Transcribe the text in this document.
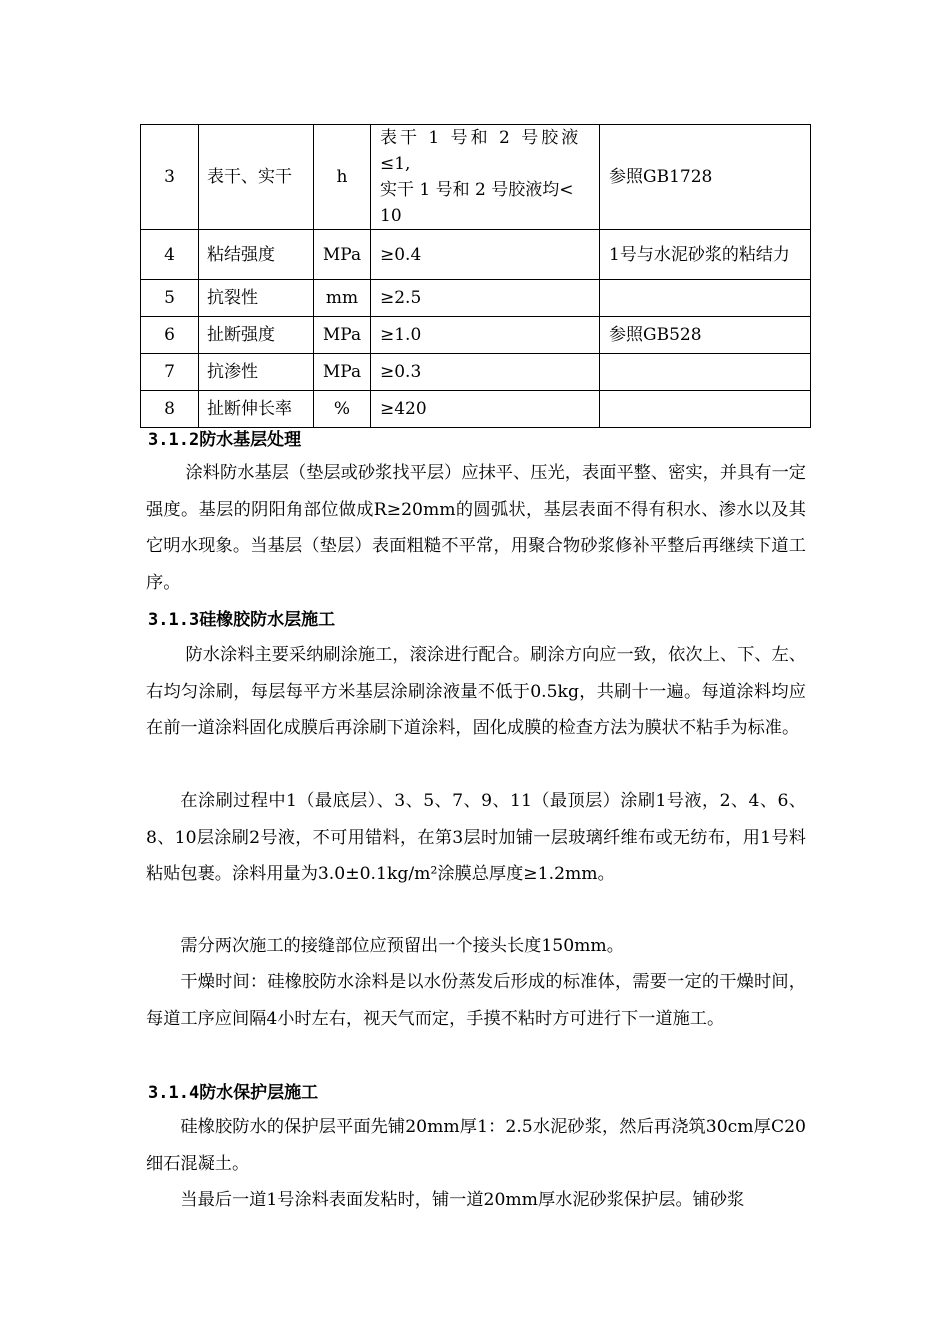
3	表干、实干	h	表干 1 号和 2 号胶液
≤1,
实干 1 号和 2 号胶液均<
10	参照GB1728
4	粘结强度	MPa	≥0.4	1号与水泥砂浆的粘结力
5	抗裂性	mm	≥2.5	
6	扯断强度	MPa	≥1.0	参照GB528
7	抗渗性	MPa	≥0.3	
8	扯断伸长率	%	≥420	
3.1.2防水基层处理
涂料防水基层（垫层或砂浆找平层）应抹平、压光，表面平整、密实，并具有一定强度。基层的阴阳角部位做成R≥20mm的圆弧状，基层表面不得有积水、渗水以及其它明水现象。当基层（垫层）表面粗糙不平常，用聚合物砂浆修补平整后再继续下道工序。
3.1.3硅橡胶防水层施工
防水涂料主要采纳刷涂施工，滚涂进行配合。刷涂方向应一致，依次上、下、左、右均匀涂刷，每层每平方米基层涂刷涂液量不低于0.5kg，共刷十一遍。每道涂料均应在前一道涂料固化成膜后再涂刷下道涂料，固化成膜的检查方法为膜状不粘手为标准。
在涂刷过程中1（最底层）、3、5、7、9、11（最顶层）涂刷1号液，2、4、6、8、10层涂刷2号液，不可用错料，在第3层时加铺一层玻璃纤维布或无纺布，用1号料粘贴包裹。涂料用量为3.0±0.1kg/m²涂膜总厚度≥1.2mm。
需分两次施工的接缝部位应预留出一个接头长度150mm。
干燥时间：硅橡胶防水涂料是以水份蒸发后形成的标准体，需要一定的干燥时间，每道工序应间隔4小时左右，视天气而定，手摸不粘时方可进行下一道施工。
3.1.4防水保护层施工
硅橡胶防水的保护层平面先铺20mm厚1：2.5水泥砂浆，然后再浇筑30cm厚C20细石混凝土。
当最后一道1号涂料表面发粘时，铺一道20mm厚水泥砂浆保护层。铺砂浆
